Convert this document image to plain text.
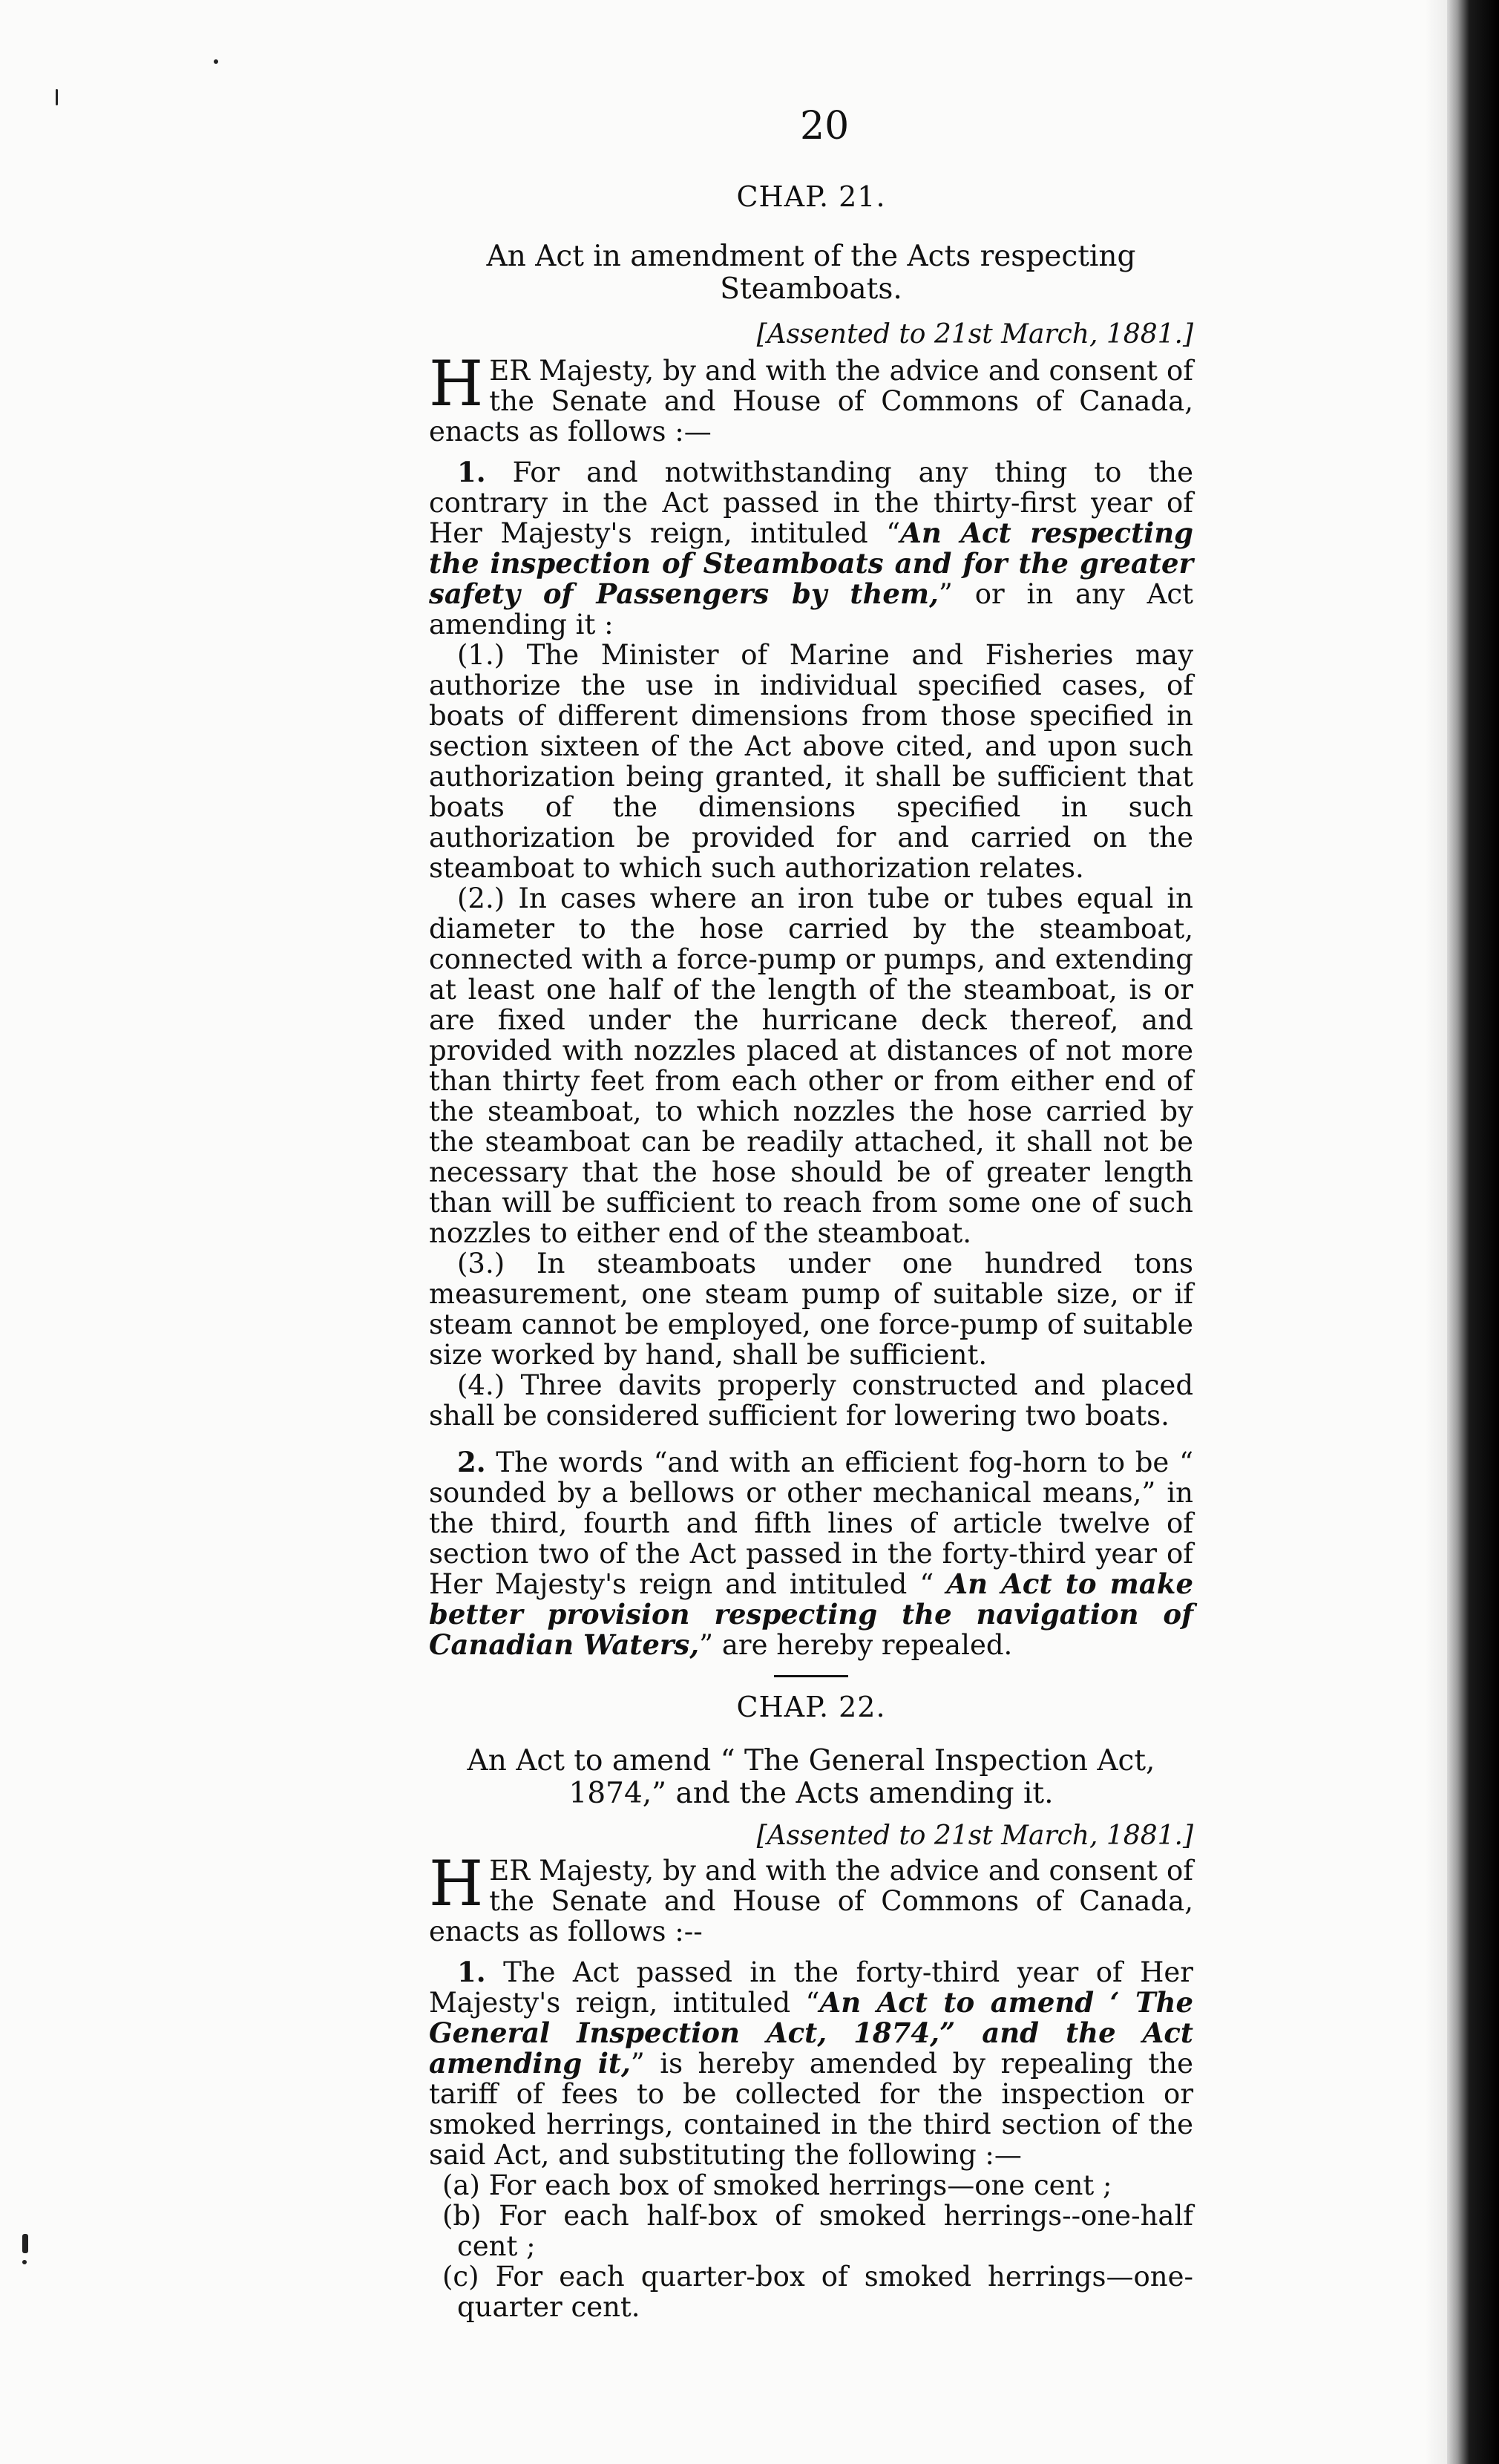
20
CHAP. 21.
An Act in amendment of the Acts respecting Steamboats.
[Assented to 21st March, 1881.]

HER Majesty, by and with the advice and consent of the Senate and House of Commons of Canada, enacts as follows :—

1. For and notwithstanding any thing to the contrary in the Act passed in the thirty-first year of Her Majesty's reign, intituled “An Act respecting the inspection of Steamboats and for the greater safety of Passengers by them,” or in any Act amending it :

(1.) The Minister of Marine and Fisheries may authorize the use in individual specified cases, of boats of different dimensions from those specified in section sixteen of the Act above cited, and upon such authorization being granted, it shall be sufficient that boats of the dimensions specified in such authorization be provided for and carried on the steamboat to which such authorization relates.

(2.) In cases where an iron tube or tubes equal in diameter to the hose carried by the steamboat, connected with a force-pump or pumps, and extending at least one half of the length of the steamboat, is or are fixed under the hurricane deck thereof, and provided with nozzles placed at distances of not more than thirty feet from each other or from either end of the steamboat, to which nozzles the hose carried by the steamboat can be readily attached, it shall not be necessary that the hose should be of greater length than will be sufficient to reach from some one of such nozzles to either end of the steamboat.

(3.) In steamboats under one hundred tons measurement, one steam pump of suitable size, or if steam cannot be employed, one force-pump of suitable size worked by hand, shall be sufficient.

(4.) Three davits properly constructed and placed shall be considered sufficient for lowering two boats.

2. The words “and with an efficient fog-horn to be “ sounded by a bellows or other mechanical means,” in the third, fourth and fifth lines of article twelve of section two of the Act passed in the forty-third year of Her Majesty's reign and intituled “ An Act to make better provision respecting the navigation of Canadian Waters,” are hereby repealed.

CHAP. 22.
An Act to amend “ The General Inspection Act, 1874,” and the Acts amending it.
[Assented to 21st March, 1881.]

HER Majesty, by and with the advice and consent of the Senate and House of Commons of Canada, enacts as follows :--

1. The Act passed in the forty-third year of Her Majesty's reign, intituled “An Act to amend ‘ The General Inspection Act, 1874,” and the Act amending it,” is hereby amended by repealing the tariff of fees to be collected for the inspection or smoked herrings, contained in the third section of the said Act, and substituting the following :—

(a) For each box of smoked herrings—one cent ;

(b) For each half-box of smoked herrings--one-half cent ;

(c) For each quarter-box of smoked herrings—one-quarter cent.
